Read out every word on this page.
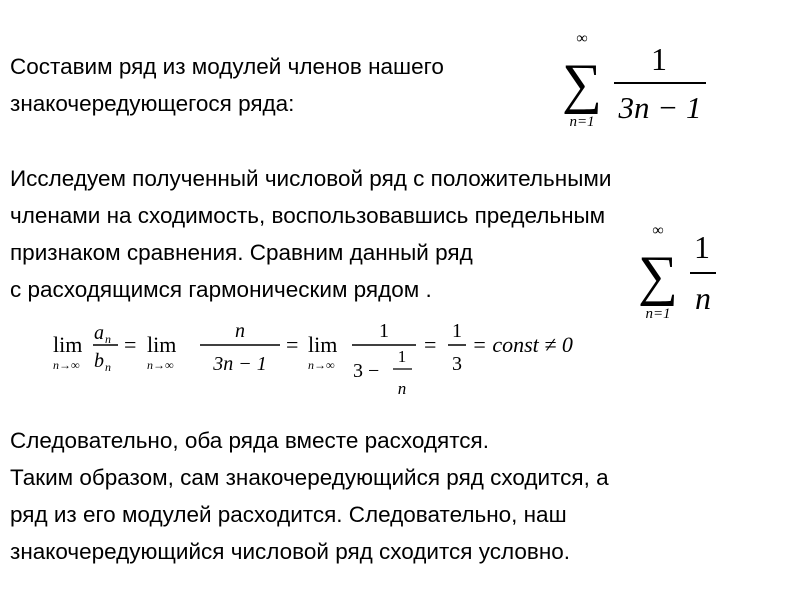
Составим ряд из модулей членов нашего
знакочередующегося ряда:
∞
∑
n=1
1
3n − 1
Исследуем полученный числовой ряд с положительными
членами на сходимость, воспользовавшись предельным
признаком сравнения. Сравним данный ряд
с расходящимся гармоническим рядом .
∞
∑
n=1
1
n
lim
n→∞
a n
b n
= lim
n→∞
n
3n − 1
= lim
n→∞
1
3 −
1
n
=
1
3
= const ≠ 0
Следовательно, оба ряда вместе расходятся.
Таким образом, сам знакочередующийся ряд сходится, а
ряд из его модулей расходится. Следовательно, наш
знакочередующийся числовой ряд сходится условно.
